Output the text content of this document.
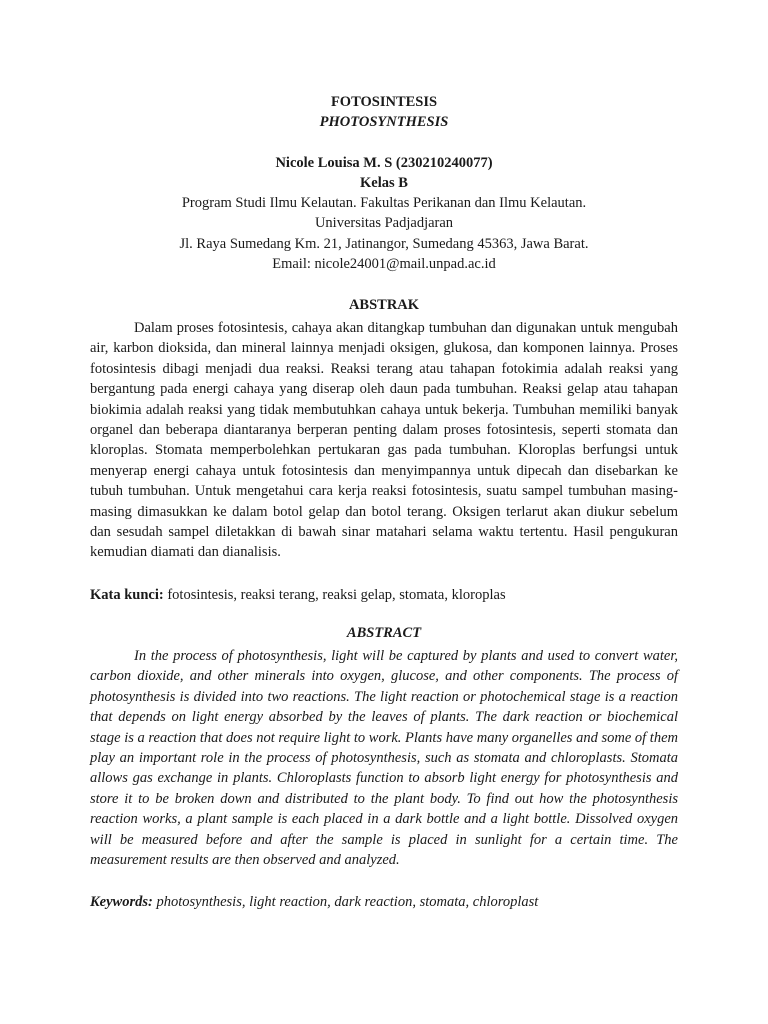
FOTOSINTESIS
PHOTOSYNTHESIS
Nicole Louisa M. S (230210240077)
Kelas B
Program Studi Ilmu Kelautan. Fakultas Perikanan dan Ilmu Kelautan.
Universitas Padjadjaran
Jl. Raya Sumedang Km. 21, Jatinangor, Sumedang 45363, Jawa Barat.
Email: nicole24001@mail.unpad.ac.id
ABSTRAK
Dalam proses fotosintesis, cahaya akan ditangkap tumbuhan dan digunakan untuk mengubah air, karbon dioksida, dan mineral lainnya menjadi oksigen, glukosa, dan komponen lainnya. Proses fotosintesis dibagi menjadi dua reaksi. Reaksi terang atau tahapan fotokimia adalah reaksi yang bergantung pada energi cahaya yang diserap oleh daun pada tumbuhan. Reaksi gelap atau tahapan biokimia adalah reaksi yang tidak membutuhkan cahaya untuk bekerja. Tumbuhan memiliki banyak organel dan beberapa diantaranya berperan penting dalam proses fotosintesis, seperti stomata dan kloroplas. Stomata memperbolehkan pertukaran gas pada tumbuhan. Kloroplas berfungsi untuk menyerap energi cahaya untuk fotosintesis dan menyimpannya untuk dipecah dan disebarkan ke tubuh tumbuhan. Untuk mengetahui cara kerja reaksi fotosintesis, suatu sampel tumbuhan masing-masing dimasukkan ke dalam botol gelap dan botol terang. Oksigen terlarut akan diukur sebelum dan sesudah sampel diletakkan di bawah sinar matahari selama waktu tertentu. Hasil pengukuran kemudian diamati dan dianalisis.
Kata kunci: fotosintesis, reaksi terang, reaksi gelap, stomata, kloroplas
ABSTRACT
In the process of photosynthesis, light will be captured by plants and used to convert water, carbon dioxide, and other minerals into oxygen, glucose, and other components. The process of photosynthesis is divided into two reactions. The light reaction or photochemical stage is a reaction that depends on light energy absorbed by the leaves of plants. The dark reaction or biochemical stage is a reaction that does not require light to work. Plants have many organelles and some of them play an important role in the process of photosynthesis, such as stomata and chloroplasts. Stomata allows gas exchange in plants. Chloroplasts function to absorb light energy for photosynthesis and store it to be broken down and distributed to the plant body. To find out how the photosynthesis reaction works, a plant sample is each placed in a dark bottle and a light bottle. Dissolved oxygen will be measured before and after the sample is placed in sunlight for a certain time. The measurement results are then observed and analyzed.
Keywords: photosynthesis, light reaction, dark reaction, stomata, chloroplast
